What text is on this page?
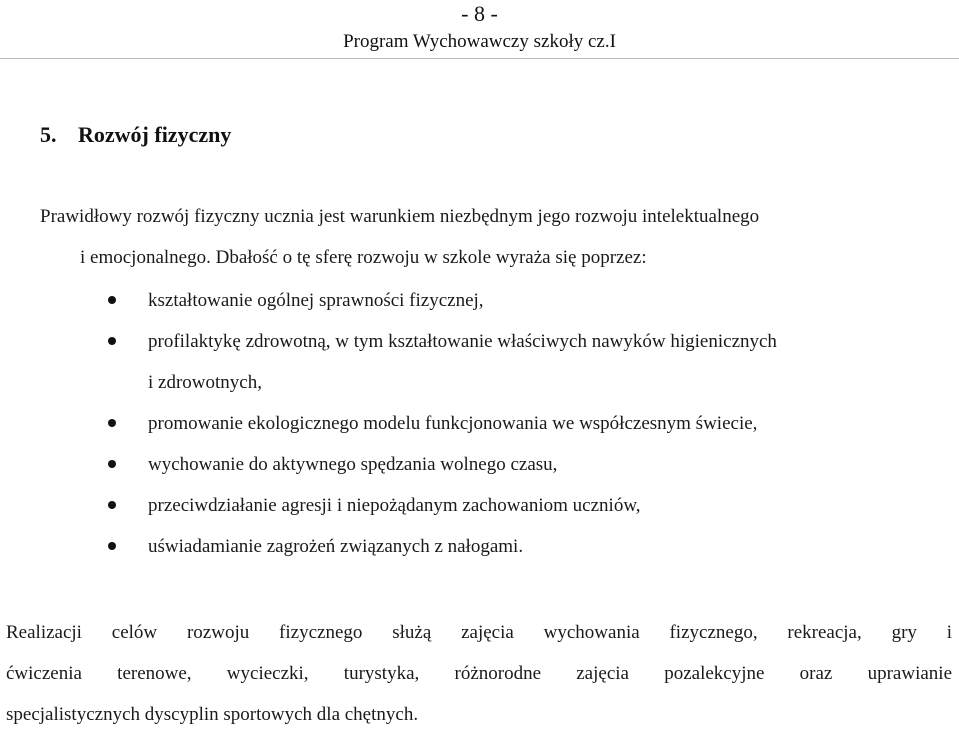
- 8 -
Program Wychowawczy szkoły cz.I
5. Rozwój fizyczny

Prawidłowy rozwój fizyczny ucznia jest warunkiem niezbędnym jego rozwoju intelektualnego
i emocjonalnego. Dbałość o tę sferę rozwoju w szkole wyraża się poprzez:

kształtowanie ogólnej sprawności fizycznej,
profilaktykę zdrowotną, w tym kształtowanie właściwych nawyków higienicznych
i zdrowotnych,
promowanie ekologicznego modelu funkcjonowania we współczesnym świecie,
wychowanie do aktywnego spędzania wolnego czasu,
przeciwdziałanie agresji i niepożądanym zachowaniom uczniów,
uświadamianie zagrożeń związanych z nałogami.

Realizacji celów rozwoju fizycznego służą zajęcia wychowania fizycznego, rekreacja, gry i
ćwiczenia terenowe, wycieczki, turystyka, różnorodne zajęcia pozalekcyjne oraz uprawianie
specjalistycznych dyscyplin sportowych dla chętnych.
